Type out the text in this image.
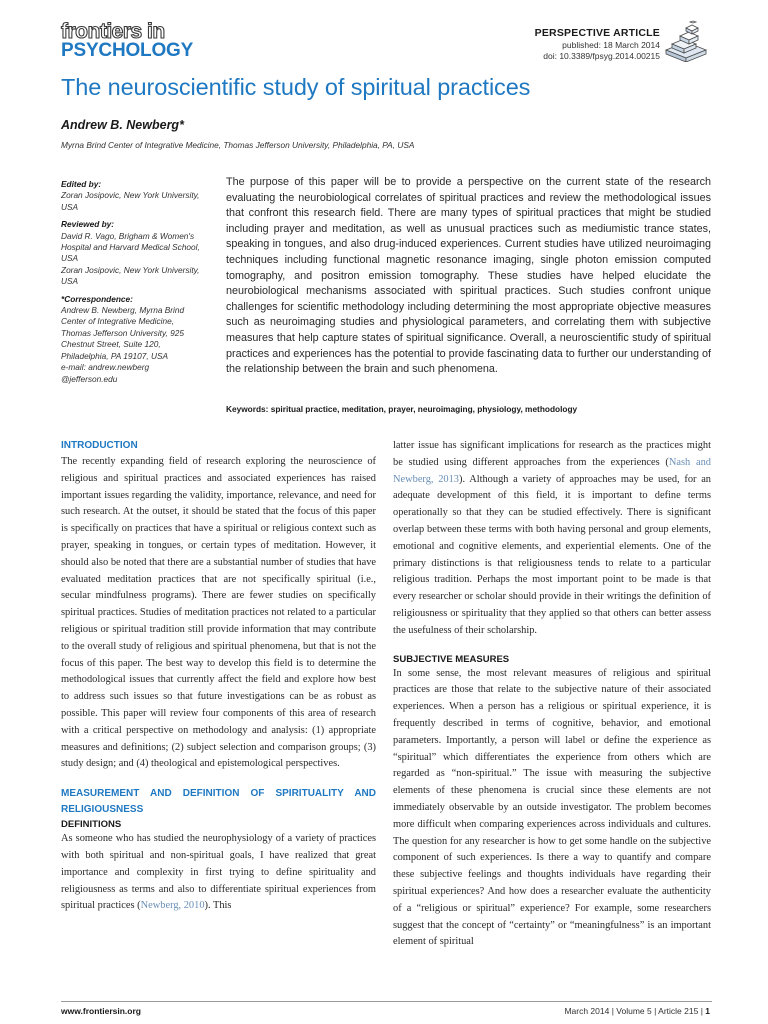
frontiers in
PSYCHOLOGY
PERSPECTIVE ARTICLE
published: 18 March 2014
doi: 10.3389/fpsyg.2014.00215
The neuroscientific study of spiritual practices
Andrew B. Newberg*
Myrna Brind Center of Integrative Medicine, Thomas Jefferson University, Philadelphia, PA, USA
Edited by:
Zoran Josipovic, New York University,
USA
Reviewed by:
David R. Vago, Brigham & Women's
Hospital and Harvard Medical School,
USA
Zoran Josipovic, New York University,
USA
*Correspondence:
Andrew B. Newberg, Myrna Brind
Center of Integrative Medicine,
Thomas Jefferson University, 925
Chestnut Street, Suite 120,
Philadelphia, PA 19107, USA
e-mail: andrew.newberg
@jefferson.edu
The purpose of this paper will be to provide a perspective on the current state of the research evaluating the neurobiological correlates of spiritual practices and review the methodological issues that confront this research field. There are many types of spiritual practices that might be studied including prayer and meditation, as well as unusual practices such as mediumistic trance states, speaking in tongues, and also drug-induced experiences. Current studies have utilized neuroimaging techniques including functional magnetic resonance imaging, single photon emission computed tomography, and positron emission tomography. These studies have helped elucidate the neurobiological mechanisms associated with spiritual practices. Such studies confront unique challenges for scientific methodology including determining the most appropriate objective measures such as neuroimaging studies and physiological parameters, and correlating them with subjective measures that help capture states of spiritual significance. Overall, a neuroscientific study of spiritual practices and experiences has the potential to provide fascinating data to further our understanding of the relationship between the brain and such phenomena.
Keywords: spiritual practice, meditation, prayer, neuroimaging, physiology, methodology
INTRODUCTION

The recently expanding field of research exploring the neuroscience of religious and spiritual practices and associated experiences has raised important issues regarding the validity, importance, relevance, and need for such research. At the outset, it should be stated that the focus of this paper is specifically on practices that have a spiritual or religious context such as prayer, speaking in tongues, or certain types of meditation. However, it should also be noted that there are a substantial number of studies that have evaluated meditation practices that are not specifically spiritual (i.e., secular mindfulness programs). There are fewer studies on specifically spiritual practices. Studies of meditation practices not related to a particular religious or spiritual tradition still provide information that may contribute to the overall study of religious and spiritual phenomena, but that is not the focus of this paper. The best way to develop this field is to determine the methodological issues that currently affect the field and explore how best to address such issues so that future investigations can be as robust as possible. This paper will review four components of this area of research with a critical perspective on methodology and analysis: (1) appropriate measures and definitions; (2) subject selection and comparison groups; (3) study design; and (4) theological and epistemological perspectives.

MEASUREMENT AND DEFINITION OF SPIRITUALITY AND RELIGIOUSNESS
DEFINITIONS

As someone who has studied the neurophysiology of a variety of practices with both spiritual and non-spiritual goals, I have realized that great importance and complexity in first trying to define spirituality and religiousness as terms and also to differentiate spiritual experiences from spiritual practices (Newberg, 2010). This

latter issue has significant implications for research as the practices might be studied using different approaches from the experiences (Nash and Newberg, 2013). Although a variety of approaches may be used, for an adequate development of this field, it is important to define terms operationally so that they can be studied effectively. There is significant overlap between these terms with both having personal and group elements, emotional and cognitive elements, and experiential elements. One of the primary distinctions is that religiousness tends to relate to a particular religious tradition. Perhaps the most important point to be made is that every researcher or scholar should provide in their writings the definition of religiousness or spirituality that they applied so that others can better assess the usefulness of their scholarship.

SUBJECTIVE MEASURES

In some sense, the most relevant measures of religious and spiritual practices are those that relate to the subjective nature of their associated experiences. When a person has a religious or spiritual experience, it is frequently described in terms of cognitive, behavior, and emotional parameters. Importantly, a person will label or define the experience as “spiritual” which differentiates the experience from others which are regarded as “non-spiritual.” The issue with measuring the subjective elements of these phenomena is crucial since these elements are not immediately observable by an outside investigator. The problem becomes more difficult when comparing experiences across individuals and cultures. The question for any researcher is how to get some handle on the subjective component of such experiences. Is there a way to quantify and compare these subjective feelings and thoughts individuals have regarding their spiritual experiences? And how does a researcher evaluate the authenticity of a “religious or spiritual” experience? For example, some researchers suggest that the concept of “certainty” or “meaningfulness” is an important element of spiritual

www.frontiersin.org	March 2014 | Volume 5 | Article 215 | 1
